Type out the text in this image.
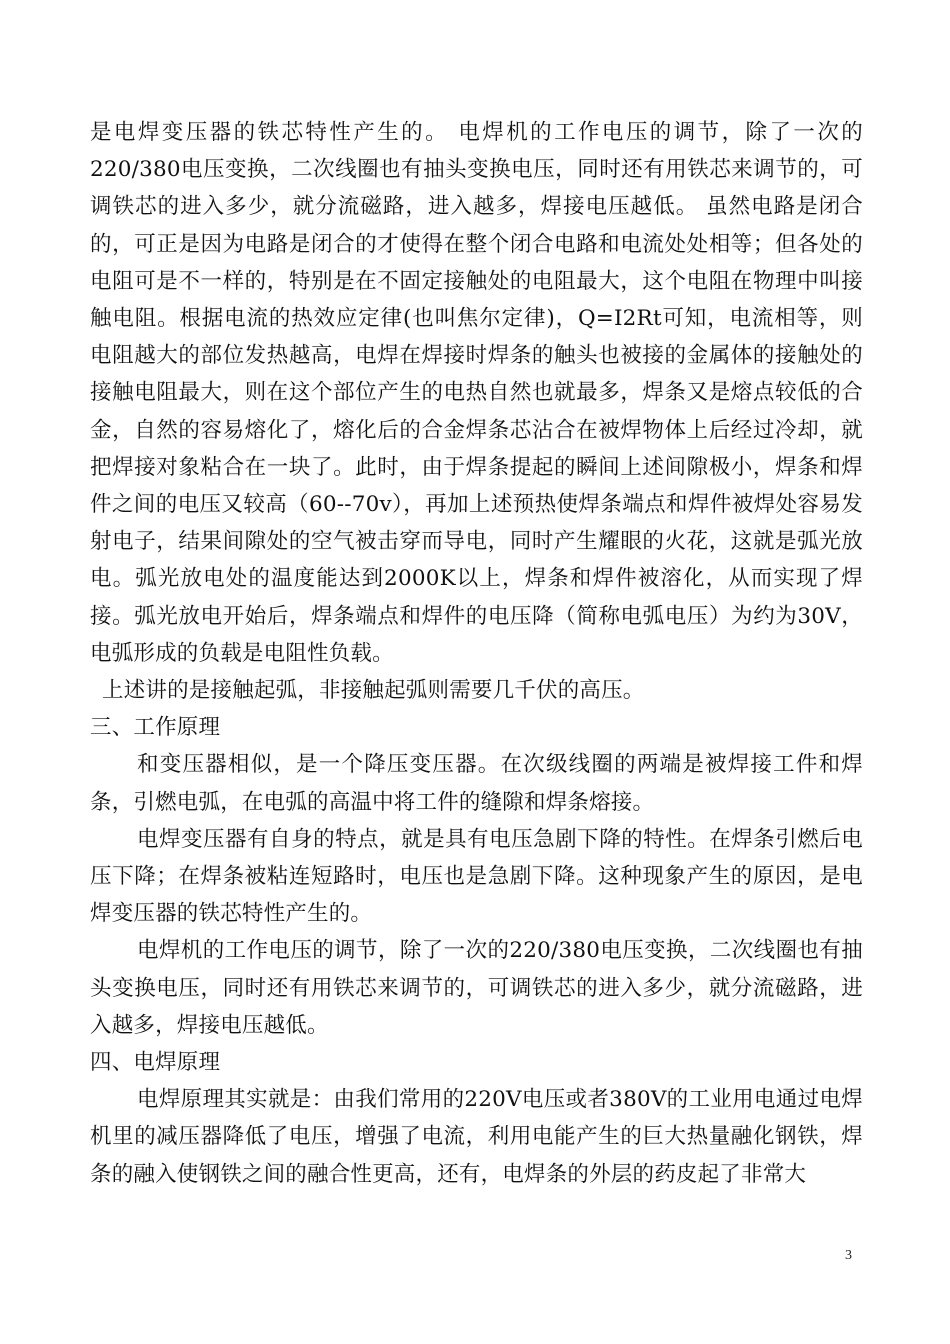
是电焊变压器的铁芯特性产生的。 电焊机的工作电压的调节，除了一次的220/380电压变换，二次线圈也有抽头变换电压，同时还有用铁芯来调节的，可调铁芯的进入多少，就分流磁路，进入越多，焊接电压越低。 虽然电路是闭合的，可正是因为电路是闭合的才使得在整个闭合电路和电流处处相等；但各处的电阻可是不一样的，特别是在不固定接触处的电阻最大，这个电阻在物理中叫接触电阻。根据电流的热效应定律(也叫焦尔定律)，Q=I2Rt可知，电流相等，则电阻越大的部位发热越高，电焊在焊接时焊条的触头也被接的金属体的接触处的接触电阻最大，则在这个部位产生的电热自然也就最多，焊条又是熔点较低的合金，自然的容易熔化了，熔化后的合金焊条芯沾合在被焊物体上后经过冷却，就把焊接对象粘合在一块了。此时，由于焊条提起的瞬间上述间隙极小，焊条和焊件之间的电压又较高（60--70v），再加上述预热使焊条端点和焊件被焊处容易发射电子，结果间隙处的空气被击穿而导电，同时产生耀眼的火花，这就是弧光放电。弧光放电处的温度能达到2000K以上，焊条和焊件被溶化，从而实现了焊接。弧光放电开始后，焊条端点和焊件的电压降（简称电弧电压）为约为30V，电弧形成的负载是电阻性负载。

上述讲的是接触起弧，非接触起弧则需要几千伏的高压。

三、工作原理

和变压器相似，是一个降压变压器。在次级线圈的两端是被焊接工件和焊条，引燃电弧，在电弧的高温中将工件的缝隙和焊条熔接。

电焊变压器有自身的特点，就是具有电压急剧下降的特性。在焊条引燃后电压下降；在焊条被粘连短路时，电压也是急剧下降。这种现象产生的原因，是电焊变压器的铁芯特性产生的。

电焊机的工作电压的调节，除了一次的220/380电压变换，二次线圈也有抽头变换电压，同时还有用铁芯来调节的，可调铁芯的进入多少，就分流磁路，进入越多，焊接电压越低。

四、电焊原理

电焊原理其实就是：由我们常用的220V电压或者380V的工业用电通过电焊机里的减压器降低了电压，增强了电流，利用电能产生的巨大热量融化钢铁，焊条的融入使钢铁之间的融合性更高，还有，电焊条的外层的药皮起了非常大

3
